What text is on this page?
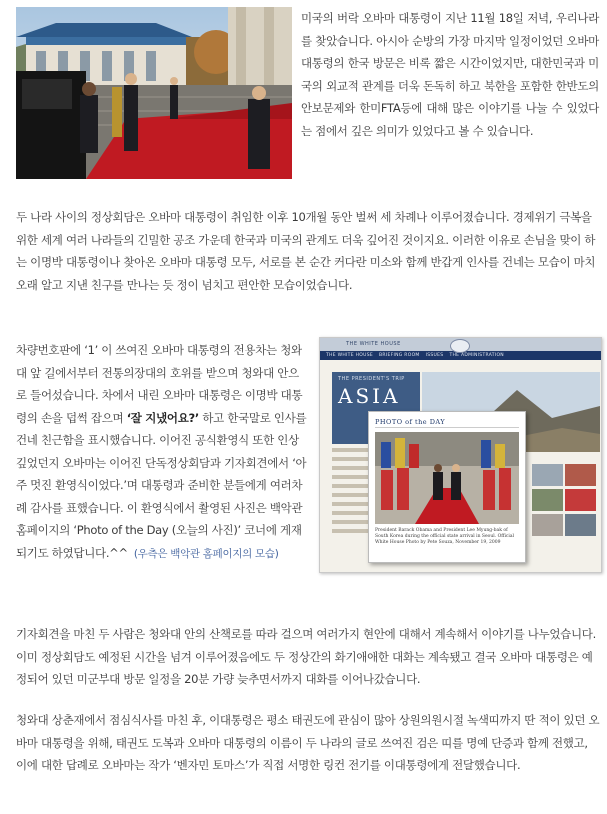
미국의 버락 오바마 대통령이 지난 11월 18일 저녁, 우리나라를 찾았습니다. 아시아 순방의 가장 마지막 일정이었던 오바마 대통령의 한국 방문은 비록 짧은 시간이었지만, 대한민국과 미국의 외교적 관계를 더욱 돈독히 하고 북한을 포함한 한반도의 안보문제와 한미FTA등에 대해 많은 이야기를 나눌 수 있었다는 점에서 깊은 의미가 있었다고 볼 수 있습니다.

두 나라 사이의 정상회담은 오바마 대통령이 취임한 이후 10개월 동안 벌써 세 차례나 이루어졌습니다. 경제위기 극복을 위한 세계 여러 나라들의 긴밀한 공조 가운데 한국과 미국의 관계도 더욱 깊어진 것이지요. 이러한 이유로 손님을 맞이 하는 이명박 대통령이나 찾아온 오바마 대통령 모두, 서로를 본 순간 커다란 미소와 함께 반갑게 인사를 건네는 모습이 마치 오래 알고 지낸 친구를 만나는 듯 정이 넘치고 편안한 모습이었습니다.

차량번호판에 ‘1’ 이 쓰여진 오바마 대통령의 전용차는 청와대 앞 길에서부터 전통의장대의 호위를 받으며 청와대 안으로 들어섰습니다. 차에서 내린 오바마 대통령은 이명박 대통령의 손을 덥썩 잡으며 ‘잘 지냈어요?’ 하고 한국말로 인사를 건네 친근함을 표시했습니다. 이어진 공식환영식 또한 인상 깊었던지 오바마는 이어진 단독정상회담과 기자회견에서 ‘아주 멋진 환영식이었다.’며 대통령과 준비한 분들에게 여러차례 감사를 표했습니다. 이 환영식에서 촬영된 사진은 백악관 홈페이지의 ‘Photo of the Day (오늘의 사진)’ 코너에 게재되기도 하였답니다.^^ (우측은 백악관 홈페이지의 모습)

THE WHITE HOUSE
THE WHITE HOUSE BRIEFING ROOM ISSUES THE ADMINISTRATION
THE PRESIDENT'S TRIP
ASIA
PHOTO of the DAY
President Barack Obama and President Lee Myung-bak of South Korea during the official state arrival in Seoul. Official White House Photo by Pete Souza, November 19, 2009

기자회견을 마친 두 사람은 청와대 안의 산책로를 따라 걸으며 여러가지 현안에 대해서 계속해서 이야기를 나누었습니다. 이미 정상회담도 예정된 시간을 넘겨 이루어졌음에도 두 정상간의 화기애애한 대화는 계속됐고 결국 오바마 대통령은 예정되어 있던 미군부대 방문 일정을 20분 가량 늦추면서까지 대화를 이어나갔습니다.

청와대 상춘재에서 점심식사를 마친 후, 이대통령은 평소 태권도에 관심이 많아 상원의원시절 녹색띠까지 딴 적이 있던 오바마 대통령을 위해, 태권도 도복과 오바마 대통령의 이름이 두 나라의 글로 쓰여진 검은 띠를 명예 단증과 함께 전했고, 이에 대한 답례로 오바마는 작가 ‘벤자민 토마스’가 직접 서명한 링컨 전기를 이대통령에게 전달했습니다.
